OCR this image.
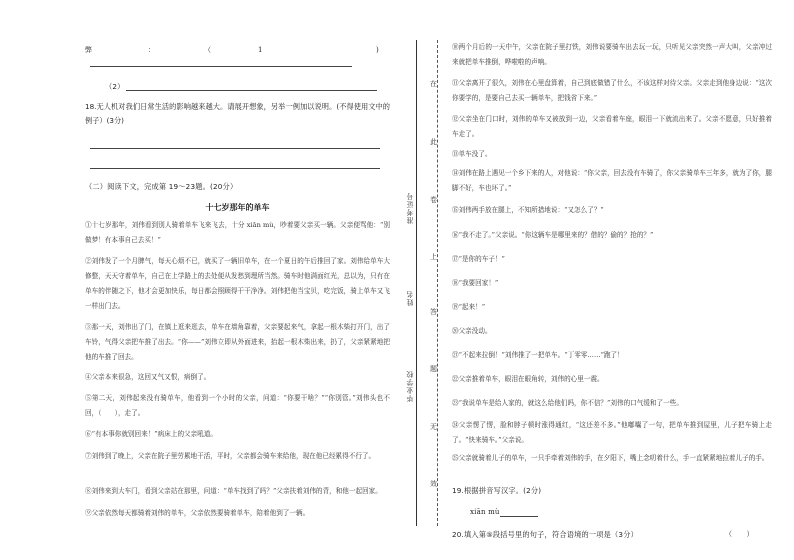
弊	：	（	1	)
（2）
18.无人机对我们日常生活的影响越来越大。请展开想象，另举一例加以说明。(不得使用文中的例子）(3分)
（二）阅读下文，完成第 19～23题。(20分）
十七岁那年的单车
①十七岁那年，刘伟看到别人骑着单车飞来飞去，十分 xiān mù，吵着要父亲买一辆。父亲便骂他：“别做梦！有本事自己去买！”
②刘伟发了一个月脾气，每天心烦不已，就买了一辆旧单车，在一个夏日的午后推回了家。刘伟给单车大修整，天天守着单车，自己在上学路上的去处便从发愁到理所当然。骑车时他满面红光，总以为，只有在单车的伴随之下，他才会更加快乐，每日都会照顾得干干净净。刘伟把他当宝贝，吃完饭，骑上单车又飞一样出门去。
③那一天，刘伟出了门，在镇上逛来逛去，单车在墙角靠着，父亲要起来气，拿起一根木柴打开门，出了车铃，气得父亲把车推了出去。“你——”刘伟立即从外面进来，抬起一根木柴出来，扔了，父亲紧紧地把他的车推了回去。
④父亲本来很急，这回又气又恨，病倒了。
⑤第二天，刘伟起来没有骑单车，他看到一个小时的父亲，问道：“你要干啥？”“你别管。”刘伟头也不回，（　　），走了。
⑥“有本事你就别回来！”病床上的父亲吼道。
⑦刘伟到了晚上，父亲在院子里劳累地干活，平时，父亲都会骑车来给他，现在他已经累得不行了。
⑧刘伟来到大车门，看到父亲站在那里，问道：“单车找到了吗？”父亲扶着刘伟的背，和他一起回家。
⑨父亲依然每天都骑着刘伟的单车，父亲依然要骑着单车，陪着他到了一辆。
在
此
卷
上
答
题
无
效
准考证号
姓名
毕业学校
⑩两个月后的一天中午，父亲在院子里打铁，刘伟说要骑车出去玩一玩，只听见父亲突然一声大叫，父亲冲过来就把单车推倒，哗啦啦的声响。
⑪父亲离开了很久，刘伟在心里盘算着，自己到底做错了什么，不该这样对待父亲。父亲走到他身边说：“这次你要学的，是要自己去买一辆单车，把钱省下来。”
⑫父亲坐在门口时，刘伟的单车又被放到一边，父亲看着车座，眼泪一下就流出来了。父亲不愿意，只好推着车走了。
⑬单车没了。
⑭刘伟在路上遇见一个乡下来的人，对他说：“你父亲，回去没有车骑了，你父亲骑单车三年多，就为了你，腿脚不好，车也坏了。”
⑮刘伟两手放在腿上，不知所措地说：“又怎么了？”
⑯“我不走了。”父亲说。“你这辆车是哪里来的？借的？偷的？抢的？”
⑰“是你的车子！”
⑱“我要回家！”
⑲“起来！”
⑳父亲没动。
㉑“不起来拉倒！”刘伟推了一把单车。“丁零零……”跑了！
㉒父亲推着单车，眼泪在眼角转，刘伟的心里一震。
㉓“我说单车是给人家的，就这么给他们吗，你不信？”刘伟的口气缓和了一些。
㉔父亲愣了愣，脸和脖子顿时涨得通红，“这还差不多。”他嘟囔了一句，把单车推到屋里，儿子把车骑上走了。“快来骑车。”父亲说。
㉕父亲就骑着儿子的单车，一只手牵着刘伟的手，在夕阳下，嘴上念叨着什么，手一直紧紧地拉着儿子的手。
19.根据拼音写汉字。(2分)
xiān mù
20.填入第⑤段括号里的句子，符合语境的一项是（3分）	（　　）
